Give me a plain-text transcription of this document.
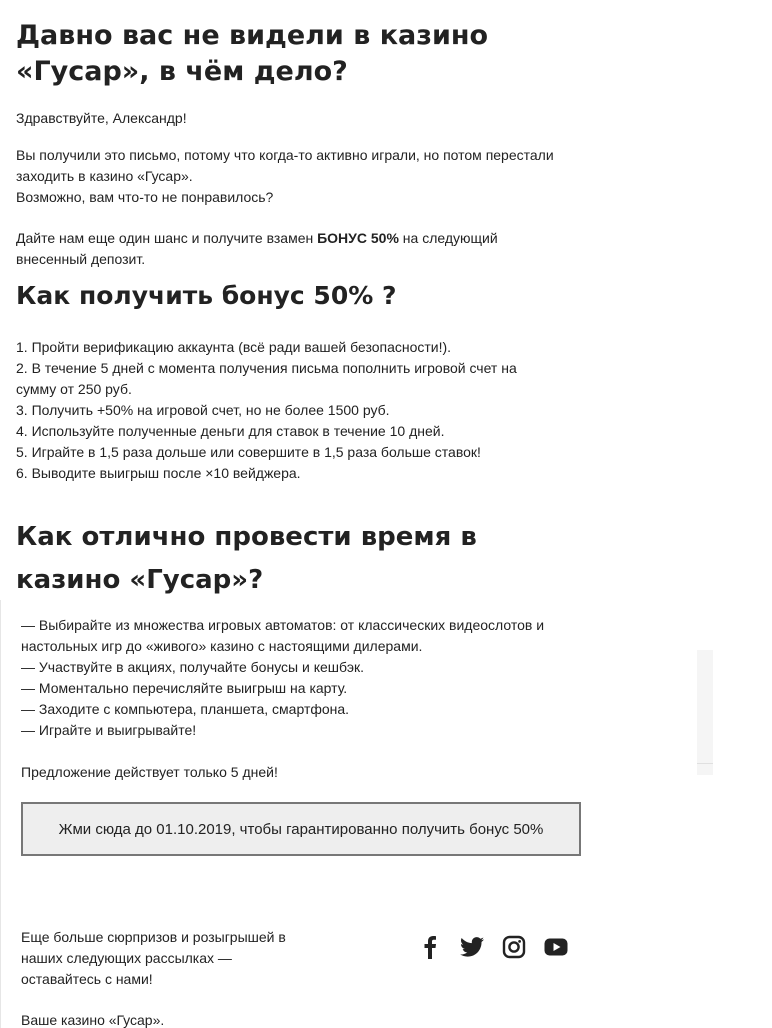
Давно вас не видели в казино «Гусар», в чём дело?

Здравствуйте, Александр!

Вы получили это письмо, потому что когда-то активно играли, но потом перестали

заходить в казино «Гусар».

Возможно, вам что-то не понравилось?

Дайте нам еще один шанс и получите взамен БОНУС 50% на следующий внесенный депозит.

Как получить бонус 50% ?

1. Пройти верификацию аккаунта (всё ради вашей безопасности!).

2. В течение 5 дней с момента получения письма пополнить игровой счет на сумму от 250 руб.

3. Получить +50% на игровой счет, но не более 1500 руб.

4. Используйте полученные деньги для ставок в течение 10 дней.

5. Играйте в 1,5 раза дольше или совершите в 1,5 раза больше ставок!

6. Выводите выигрыш после ×10 вейджера.

Как отлично провести время в казино «Гусар»?

— Выбирайте из множества игровых автоматов: от классических видеослотов и настольных игр до «живого» казино с настоящими дилерами.

— Участвуйте в акциях, получайте бонусы и кешбэк.

— Моментально перечисляйте выигрыш на карту.

— Заходите с компьютера, планшета, смартфона.

— Играйте и выигрывайте!

Предложение действует только 5 дней!

Жми сюда до 01.10.2019, чтобы гарантированно получить бонус 50%

Еще больше сюрпризов и розыгрышей в наших следующих рассылках — оставайтесь с нами!

Ваше казино «Гусар».
